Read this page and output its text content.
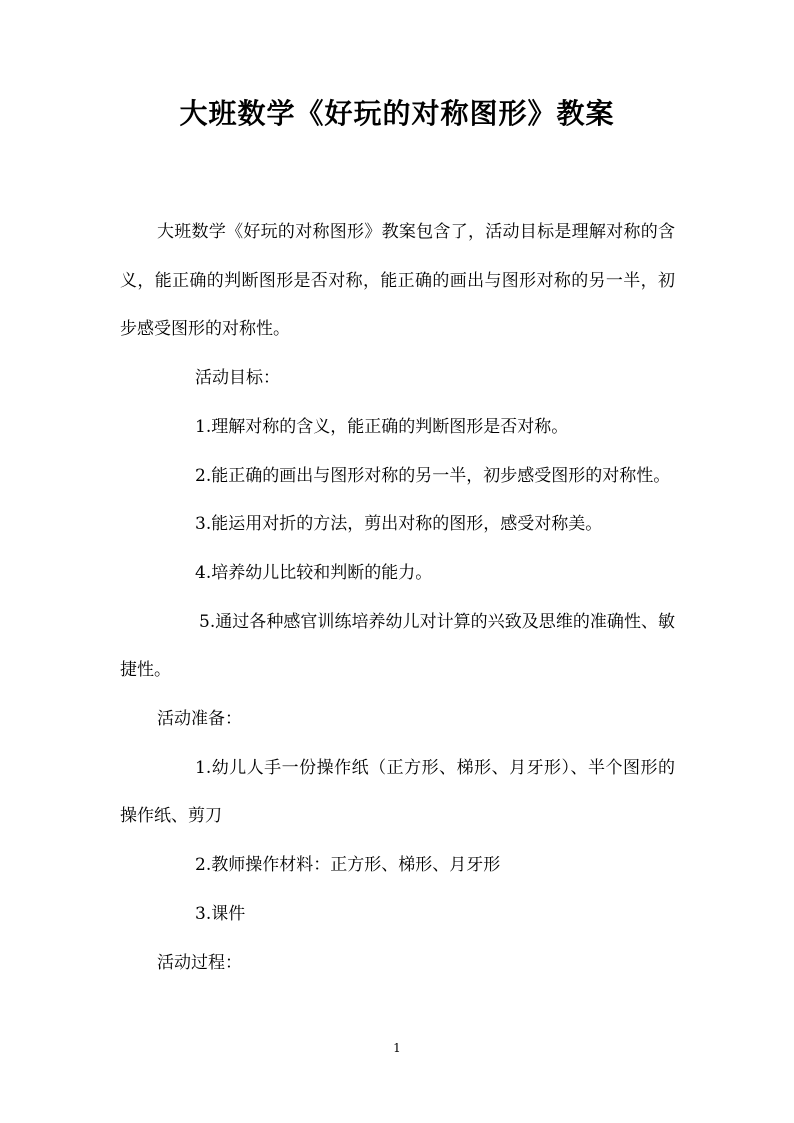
大班数学《好玩的对称图形》教案

大班数学《好玩的对称图形》教案包含了，活动目标是理解对称的含义，能正确的判断图形是否对称，能正确的画出与图形对称的另一半，初步感受图形的对称性。

活动目标：

1.理解对称的含义，能正确的判断图形是否对称。

2.能正确的画出与图形对称的另一半，初步感受图形的对称性。

3.能运用对折的方法，剪出对称的图形，感受对称美。

4.培养幼儿比较和判断的能力。

5.通过各种感官训练培养幼儿对计算的兴致及思维的准确性、敏捷性。

活动准备：

1.幼儿人手一份操作纸（正方形、梯形、月牙形）、半个图形的操作纸、剪刀

2.教师操作材料：正方形、梯形、月牙形

3.课件

活动过程：

1
